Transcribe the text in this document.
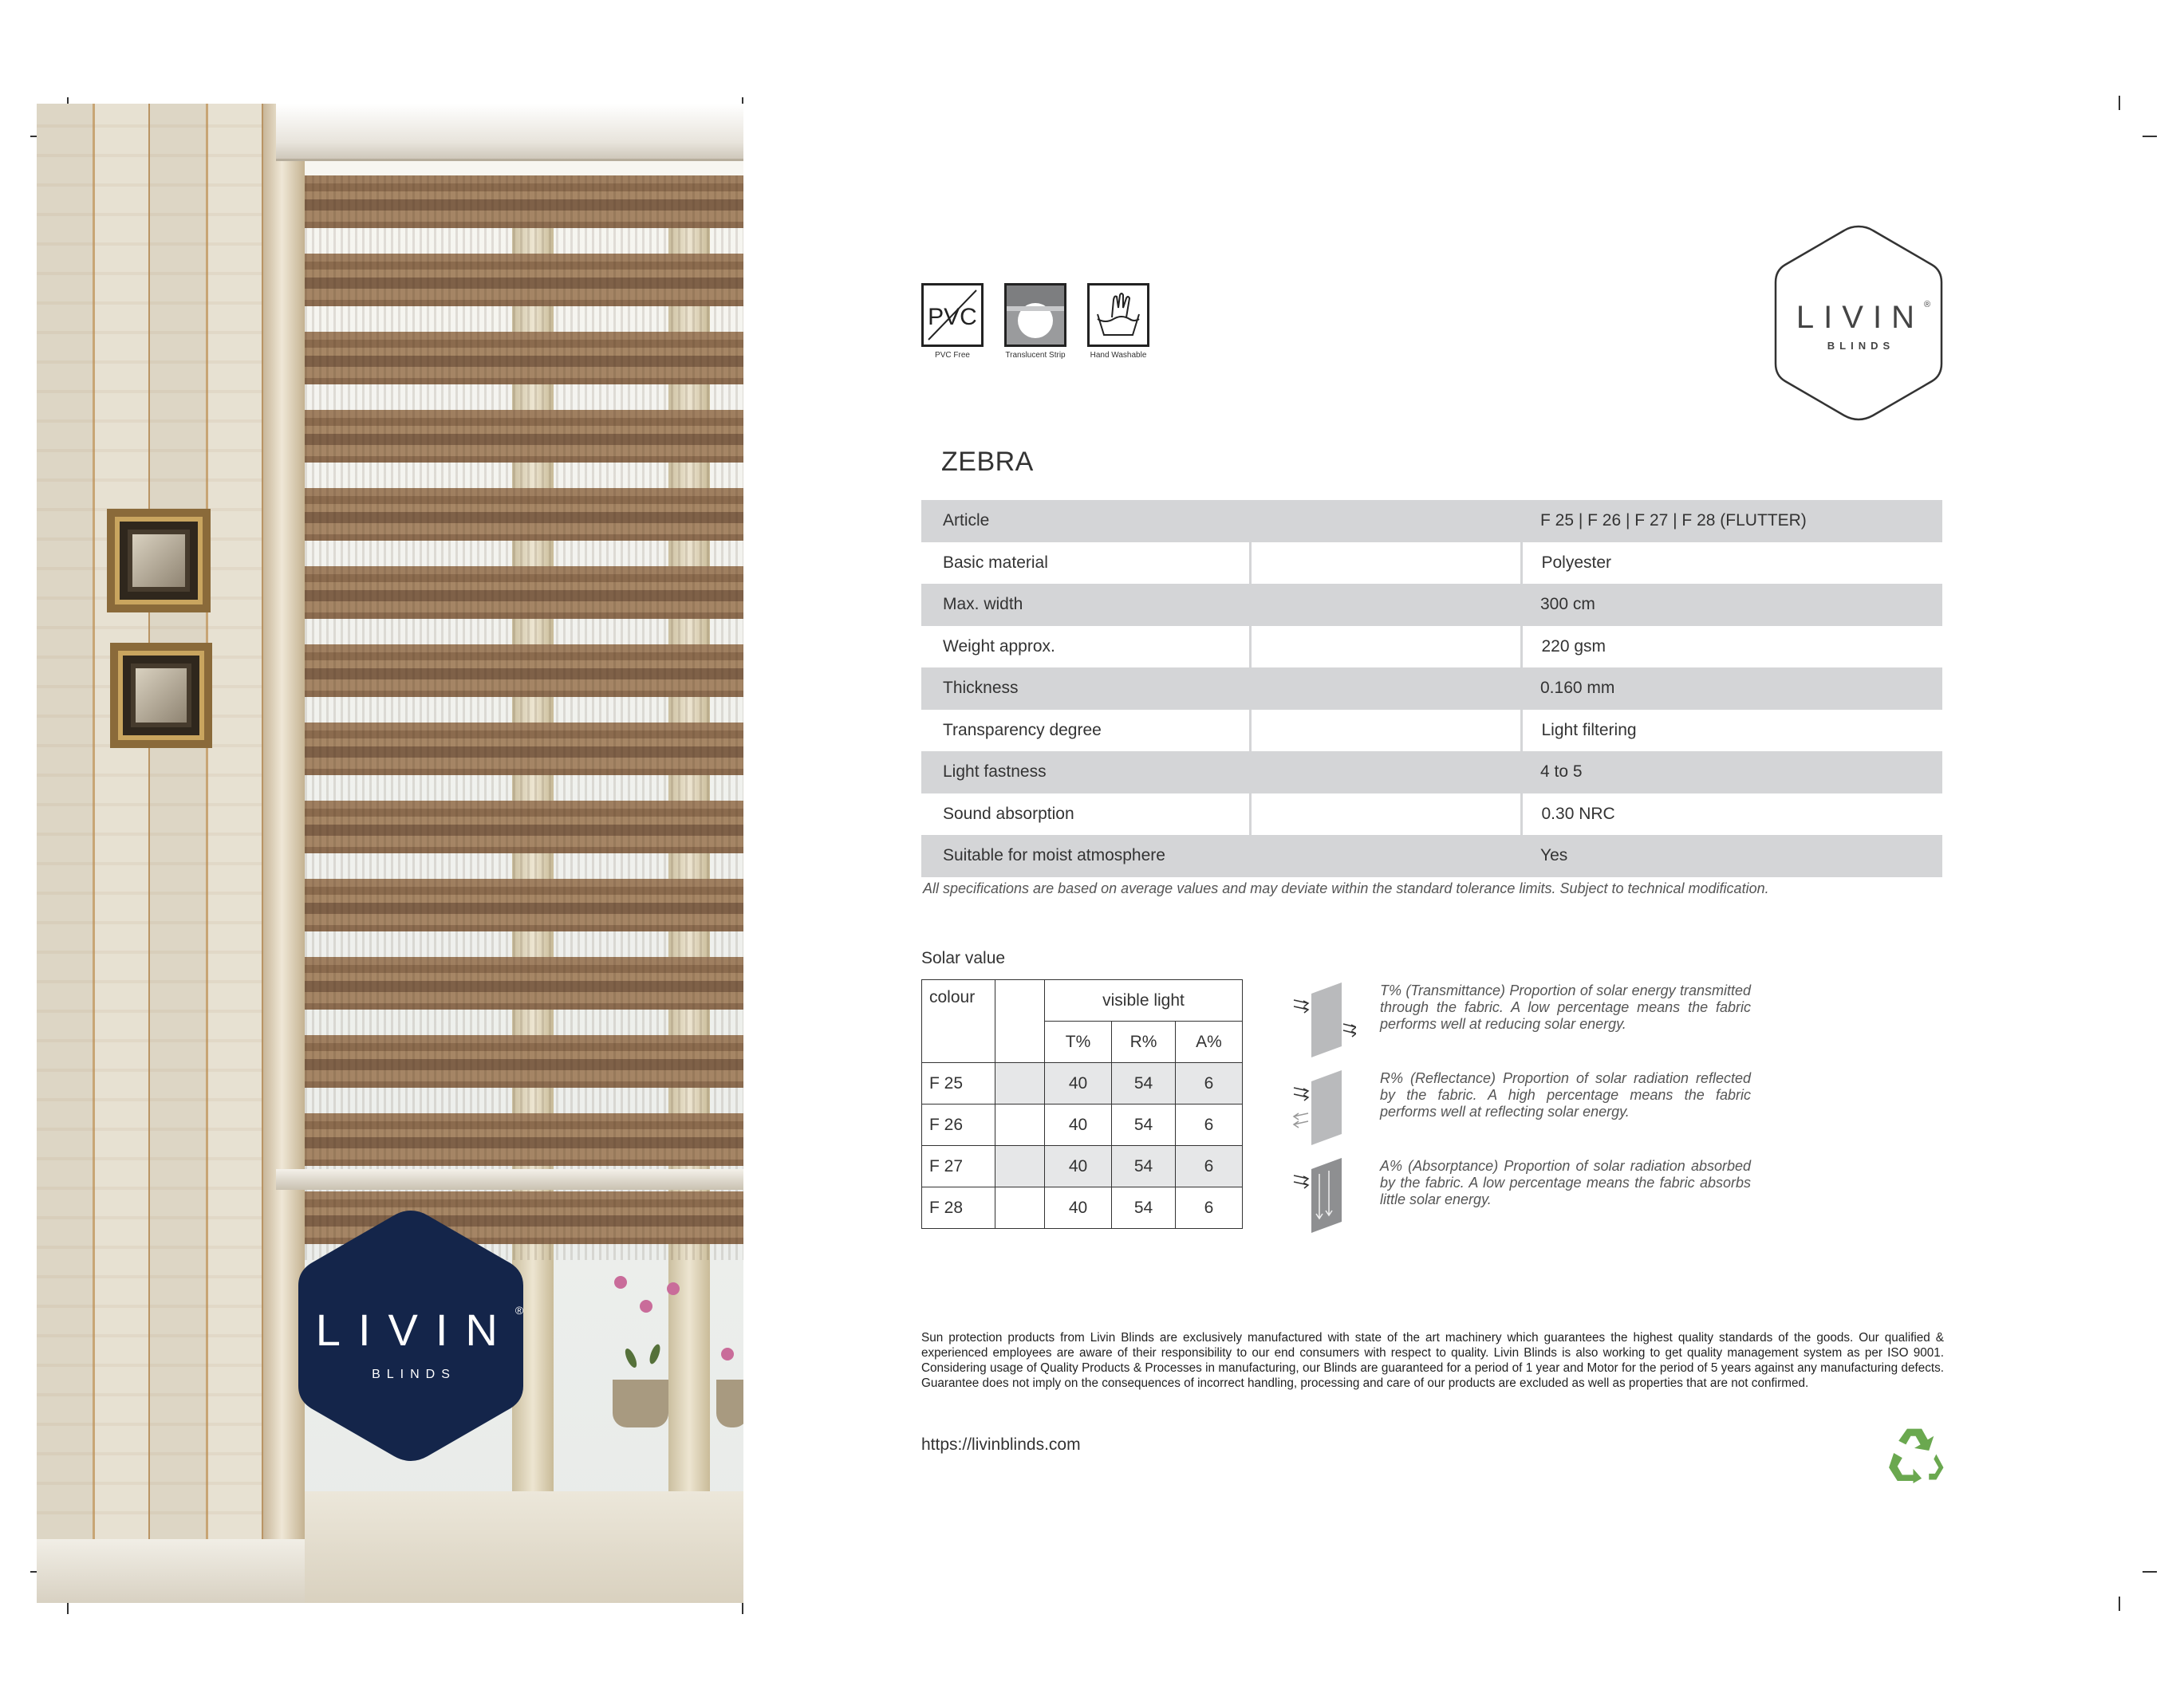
LIVIN®
BLINDS
PVC
PVC Free	Translucent Strip	Hand Washable
LIVIN®
BLINDS
ZEBRA
Article		F 25 | F 26 | F 27 | F 28 (FLUTTER)
Basic material		Polyester
Max. width		300 cm
Weight approx.		220 gsm
Thickness		0.160 mm
Transparency degree		Light filtering
Light fastness		4 to 5
Sound absorption		0.30 NRC
Suitable for moist atmosphere		Yes
All specifications are based on average values and may deviate within the standard tolerance limits. Subject to technical modification.
Solar value
colour		visible light		
		T%	R%	A%
F 25		40	54	6
F 26		40	54	6
F 27		40	54	6
F 28		40	54	6
T% (Transmittance) Proportion of solar energy transmitted through the fabric. A low percentage means the fabric performs well at reducing solar energy.
R% (Reflectance) Proportion of solar radiation reflected by the fabric. A high percentage means the fabric performs well at reflecting solar energy.
A% (Absorptance) Proportion of solar radiation absorbed by the fabric. A low percentage means the fabric absorbs little solar energy.
Sun protection products from Livin Blinds are exclusively manufactured with state of the art machinery which guarantees the highest quality standards of the goods. Our qualified & experienced employees are aware of their responsibility to our end consumers with respect to quality. Livin Blinds is also working to get quality management system as per ISO 9001. Considering usage of Quality Products & Processes in manufacturing, our Blinds are guaranteed for a period of 1 year and Motor for the period of 5 years against any manufacturing defects. Guarantee does not imply on the consequences of incorrect handling, processing and care of our products are excluded as well as properties that are not confirmed.
https://livinblinds.com
